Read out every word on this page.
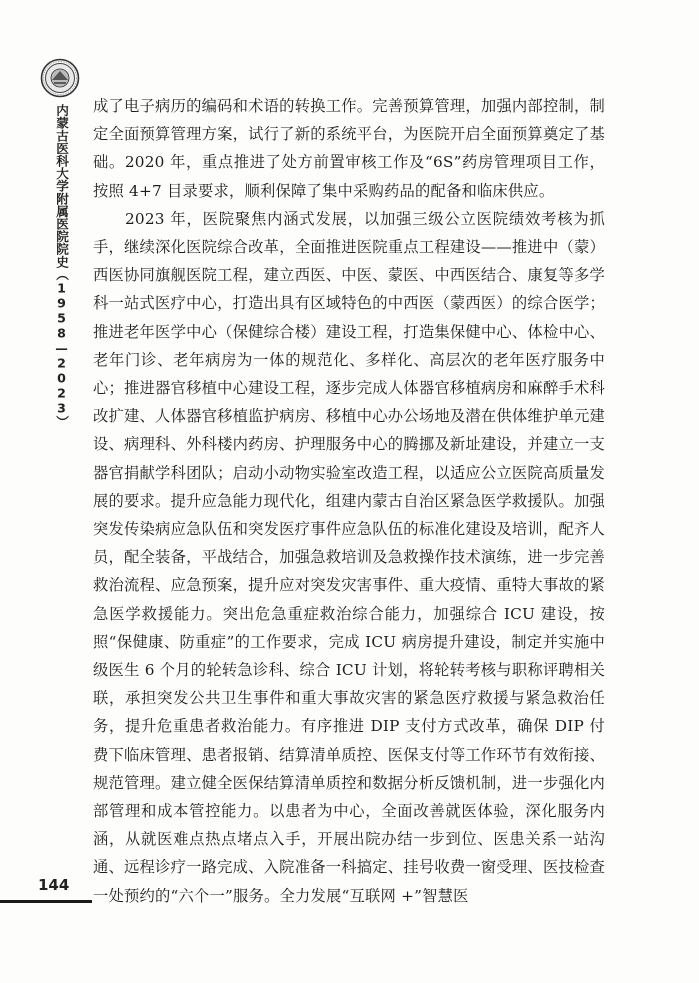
内蒙古医科大学附属医院院史（1958—2023）
144

成了电子病历的编码和术语的转换工作。完善预算管理，加强内部控制，制定全面预算管理方案，试行了新的系统平台，为医院开启全面预算奠定了基础。2020 年，重点推进了处方前置审核工作及“6S”药房管理项目工作，按照 4+7 目录要求，顺利保障了集中采购药品的配备和临床供应。

2023 年，医院聚焦内涵式发展，以加强三级公立医院绩效考核为抓手，继续深化医院综合改革，全面推进医院重点工程建设——推进中（蒙）西医协同旗舰医院工程，建立西医、中医、蒙医、中西医结合、康复等多学科一站式医疗中心，打造出具有区域特色的中西医（蒙西医）的综合医学；推进老年医学中心（保健综合楼）建设工程，打造集保健中心、体检中心、老年门诊、老年病房为一体的规范化、多样化、高层次的老年医疗服务中心；推进器官移植中心建设工程，逐步完成人体器官移植病房和麻醉手术科改扩建、人体器官移植监护病房、移植中心办公场地及潜在供体维护单元建设、病理科、外科楼内药房、护理服务中心的腾挪及新址建设，并建立一支器官捐献学科团队；启动小动物实验室改造工程，以适应公立医院高质量发展的要求。提升应急能力现代化，组建内蒙古自治区紧急医学救援队。加强突发传染病应急队伍和突发医疗事件应急队伍的标准化建设及培训，配齐人员，配全装备，平战结合，加强急救培训及急救操作技术演练，进一步完善救治流程、应急预案，提升应对突发灾害事件、重大疫情、重特大事故的紧急医学救援能力。突出危急重症救治综合能力，加强综合 ICU 建设，按照“保健康、防重症”的工作要求，完成 ICU 病房提升建设，制定并实施中级医生 6 个月的轮转急诊科、综合 ICU 计划，将轮转考核与职称评聘相关联，承担突发公共卫生事件和重大事故灾害的紧急医疗救援与紧急救治任务，提升危重患者救治能力。有序推进 DIP 支付方式改革，确保 DIP 付费下临床管理、患者报销、结算清单质控、医保支付等工作环节有效衔接、规范管理。建立健全医保结算清单质控和数据分析反馈机制，进一步强化内部管理和成本管控能力。以患者为中心，全面改善就医体验，深化服务内涵，从就医难点热点堵点入手，开展出院办结一步到位、医患关系一站沟通、远程诊疗一路完成、入院准备一科搞定、挂号收费一窗受理、医技检查一处预约的“六个一”服务。全力发展“互联网 +”智慧医
